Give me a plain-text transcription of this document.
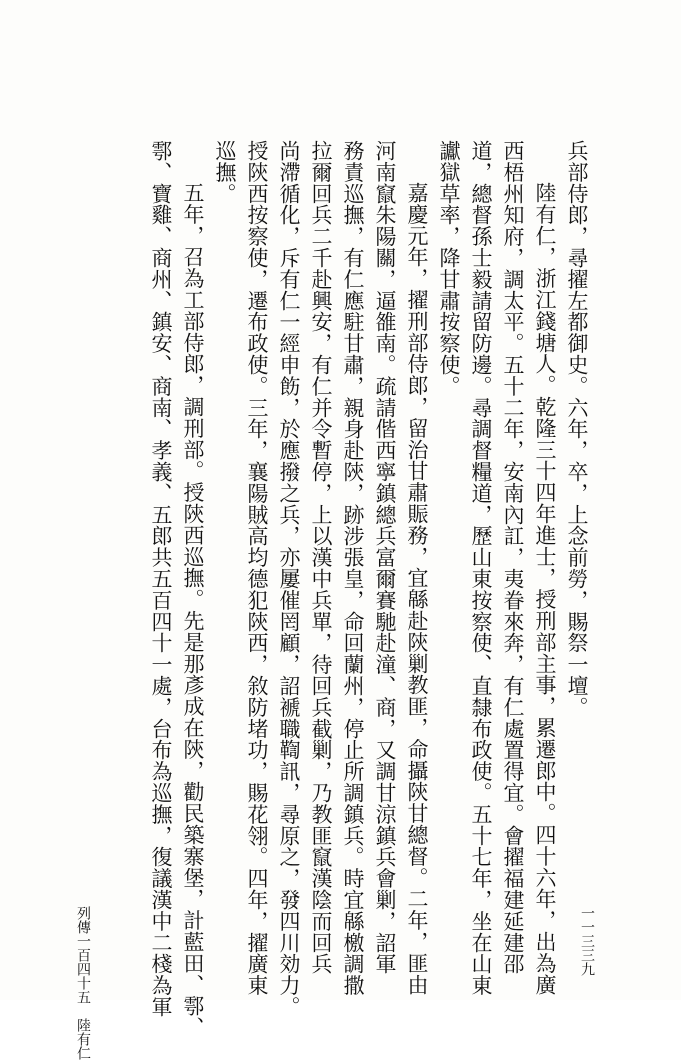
兵部侍郎，尋擢左都御史。六年，卒，上念前勞，賜祭一壇。
陸有仁，浙江錢塘人。乾隆三十四年進士，授刑部主事，累遷郎中。四十六年，出為廣
西梧州知府，調太平。五十二年，安南內訌，夷眷來奔，有仁處置得宜。會擢福建延建邵
道，總督孫士毅請留防邊。尋調督糧道，歷山東按察使、直隸布政使。五十七年，坐在山東
讞獄草率，降甘肅按察使。
嘉慶元年，擢刑部侍郎，留治甘肅賑務，宜緜赴陝剿教匪，命攝陝甘總督。二年，匪由
河南竄朱陽關，逼雒南。疏請偕西寧鎮總兵富爾賽馳赴潼、商，又調甘涼鎮兵會剿，詔軍
務責巡撫，有仁應駐甘肅，親身赴陝，跡涉張皇，命回蘭州，停止所調鎮兵。時宜緜檄調撒
拉爾回兵二千赴興安，有仁并令暫停，上以漢中兵單，待回兵截剿，乃教匪竄漢陰而回兵
尚滯循化，斥有仁一經申飭，於應撥之兵，亦屢催罔顧，詔褫職鞫訊，尋原之，發四川効力。
授陝西按察使，遷布政使。三年，襄陽賊高均德犯陝西，敘防堵功，賜花翎。四年，擢廣東
巡撫。
五年，召為工部侍郎，調刑部。授陝西巡撫。先是那彥成在陝，勸民築寨堡，計藍田、鄠、
鄠、寶雞、商州、鎮安、商南、孝義、五郎共五百四十一處，台布為巡撫，復議漢中二棧為軍
列傳一百四十五　陸有仁	一一三三九
